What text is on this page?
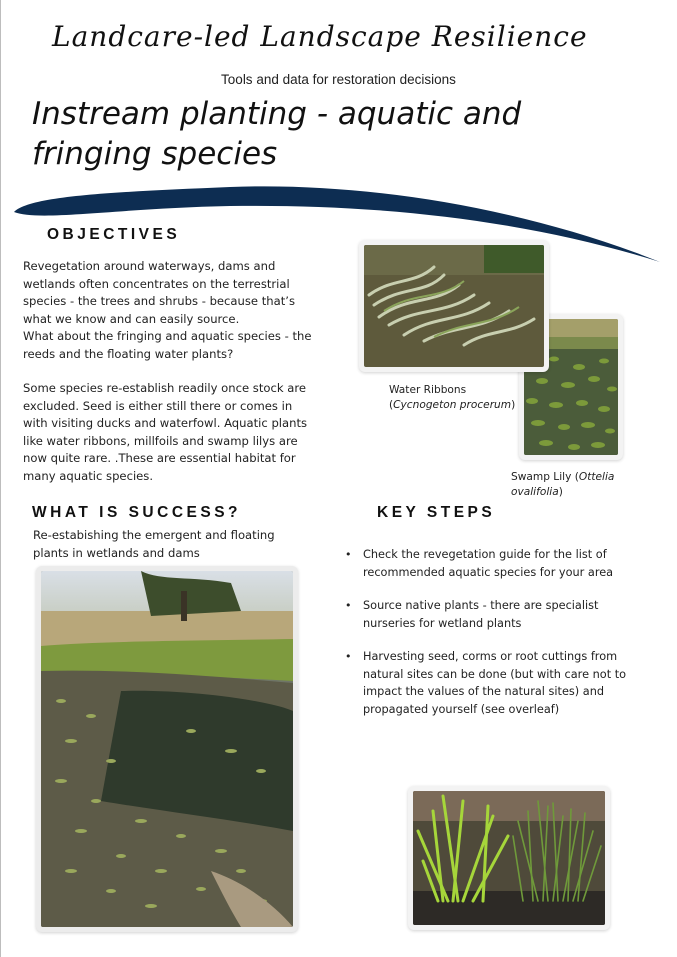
Landcare-led Landscape Resilience
Tools and data for restoration decisions
Instream planting - aquatic and
fringing species
OBJECTIVES

Revegetation around waterways, dams and

wetlands often concentrates on the terrestrial

species - the trees and shrubs - because that’s

what we know and can easily source.

What about the fringing and aquatic species - the

reeds and the floating water plants?

Some species re-establish readily once stock are

excluded. Seed is either still there or comes in

with visiting ducks and waterfowl. Aquatic plants

like water ribbons, millfoils and swamp lilys are

now quite rare. .These are essential habitat for

many aquatic species.

Water Ribbons
(Cycnogeton procerum)
Swamp Lily (Ottelia
ovalifolia)
WHAT IS SUCCESS?

Re-estabishing the emergent and floating

plants in wetlands and dams

KEY STEPS
• Check the revegetation guide for the list of
recommended aquatic species for your area
• Source native plants - there are specialist
nurseries for wetland plants
• Harvesting seed, corms or root cuttings from
natural sites can be done (but with care not to
impact the values of the natural sites) and
propagated yourself (see overleaf)
